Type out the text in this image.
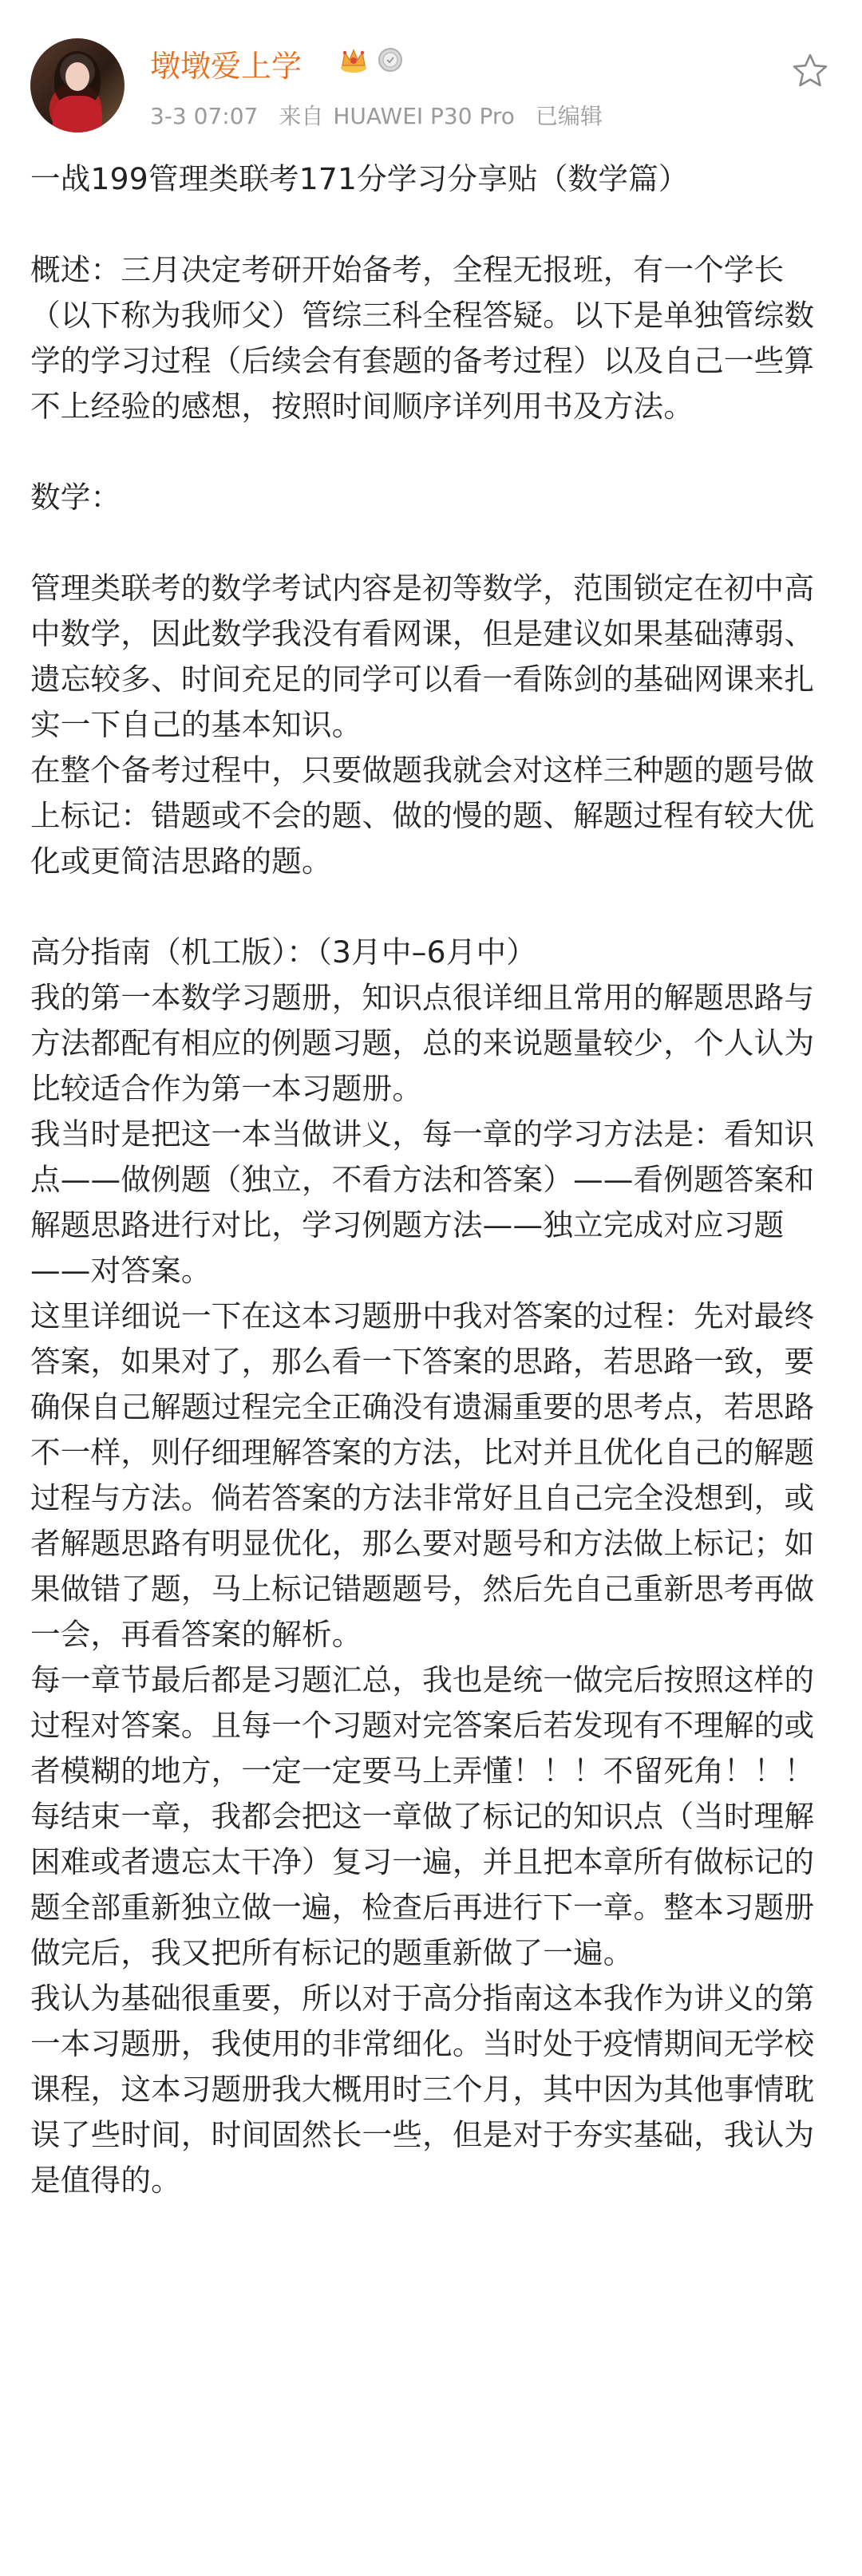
墩墩爱上学
3-3 07:07 来自 HUAWEI P30 Pro 已编辑

一战199管理类联考171分学习分享贴（数学篇）

概述：三月决定考研开始备考，全程无报班，有一个学长（以下称为我师父）管综三科全程答疑。以下是单独管综数学的学习过程（后续会有套题的备考过程）以及自己一些算不上经验的感想，按照时间顺序详列用书及方法。

数学：

管理类联考的数学考试内容是初等数学，范围锁定在初中高中数学，因此数学我没有看网课，但是建议如果基础薄弱、遗忘较多、时间充足的同学可以看一看陈剑的基础网课来扎实一下自己的基本知识。

在整个备考过程中，只要做题我就会对这样三种题的题号做上标记：错题或不会的题、做的慢的题、解题过程有较大优化或更简洁思路的题。

高分指南（机工版）：（3月中–6月中）

我的第一本数学习题册，知识点很详细且常用的解题思路与方法都配有相应的例题习题，总的来说题量较少，个人认为比较适合作为第一本习题册。

我当时是把这一本当做讲义，每一章的学习方法是：看知识点——做例题（独立，不看方法和答案）——看例题答案和解题思路进行对比，学习例题方法——独立完成对应习题——对答案。

这里详细说一下在这本习题册中我对答案的过程：先对最终答案，如果对了，那么看一下答案的思路，若思路一致，要确保自己解题过程完全正确没有遗漏重要的思考点，若思路不一样，则仔细理解答案的方法，比对并且优化自己的解题过程与方法。倘若答案的方法非常好且自己完全没想到，或者解题思路有明显优化，那么要对题号和方法做上标记；如果做错了题，马上标记错题题号，然后先自己重新思考再做一会，再看答案的解析。

每一章节最后都是习题汇总，我也是统一做完后按照这样的过程对答案。且每一个习题对完答案后若发现有不理解的或者模糊的地方，一定一定要马上弄懂！！！不留死角！！！每结束一章，我都会把这一章做了标记的知识点（当时理解困难或者遗忘太干净）复习一遍，并且把本章所有做标记的题全部重新独立做一遍，检查后再进行下一章。整本习题册做完后，我又把所有标记的题重新做了一遍。

我认为基础很重要，所以对于高分指南这本我作为讲义的第一本习题册，我使用的非常细化。当时处于疫情期间无学校课程，这本习题册我大概用时三个月，其中因为其他事情耽误了些时间，时间固然长一些，但是对于夯实基础，我认为是值得的。
